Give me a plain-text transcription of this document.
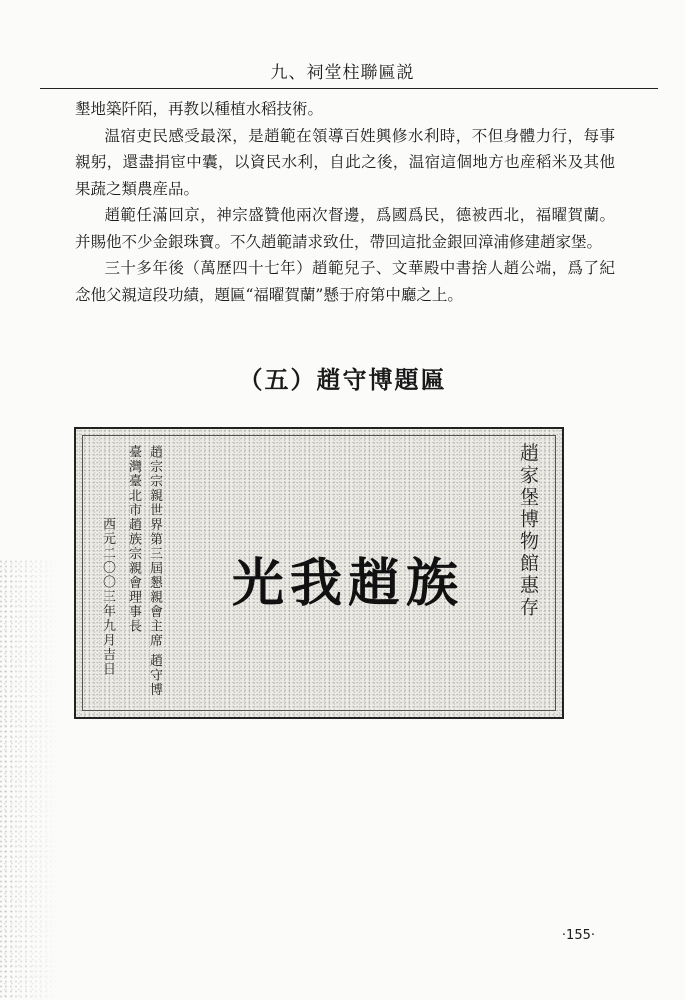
九、祠堂柱聯匾説

墾地築阡陌，再教以種植水稻技術。

温宿吏民感受最深，是趙範在領導百姓興修水利時，不但身體力行，每事親躬，還盡捐宦中囊，以資民水利，自此之後，温宿這個地方也産稻米及其他果蔬之類農産品。

趙範任滿回京，神宗盛贊他兩次督邊，爲國爲民，德被西北，福曜賀蘭。并賜他不少金銀珠寶。不久趙範請求致仕，帶回這批金銀回漳浦修建趙家堡。

三十多年後（萬歷四十七年）趙範兒子、文華殿中書捨人趙公端，爲了紀念他父親這段功績，題匾“福曜賀蘭”懸于府第中廳之上。

（五）趙守博題匾
趙家堡博物館惠存
光我趙族
趙宗宗親世界第三屆懇親會主席 趙守博
臺灣臺北市趙族宗親會理事長
西元二〇〇三年九月吉日
·155·
